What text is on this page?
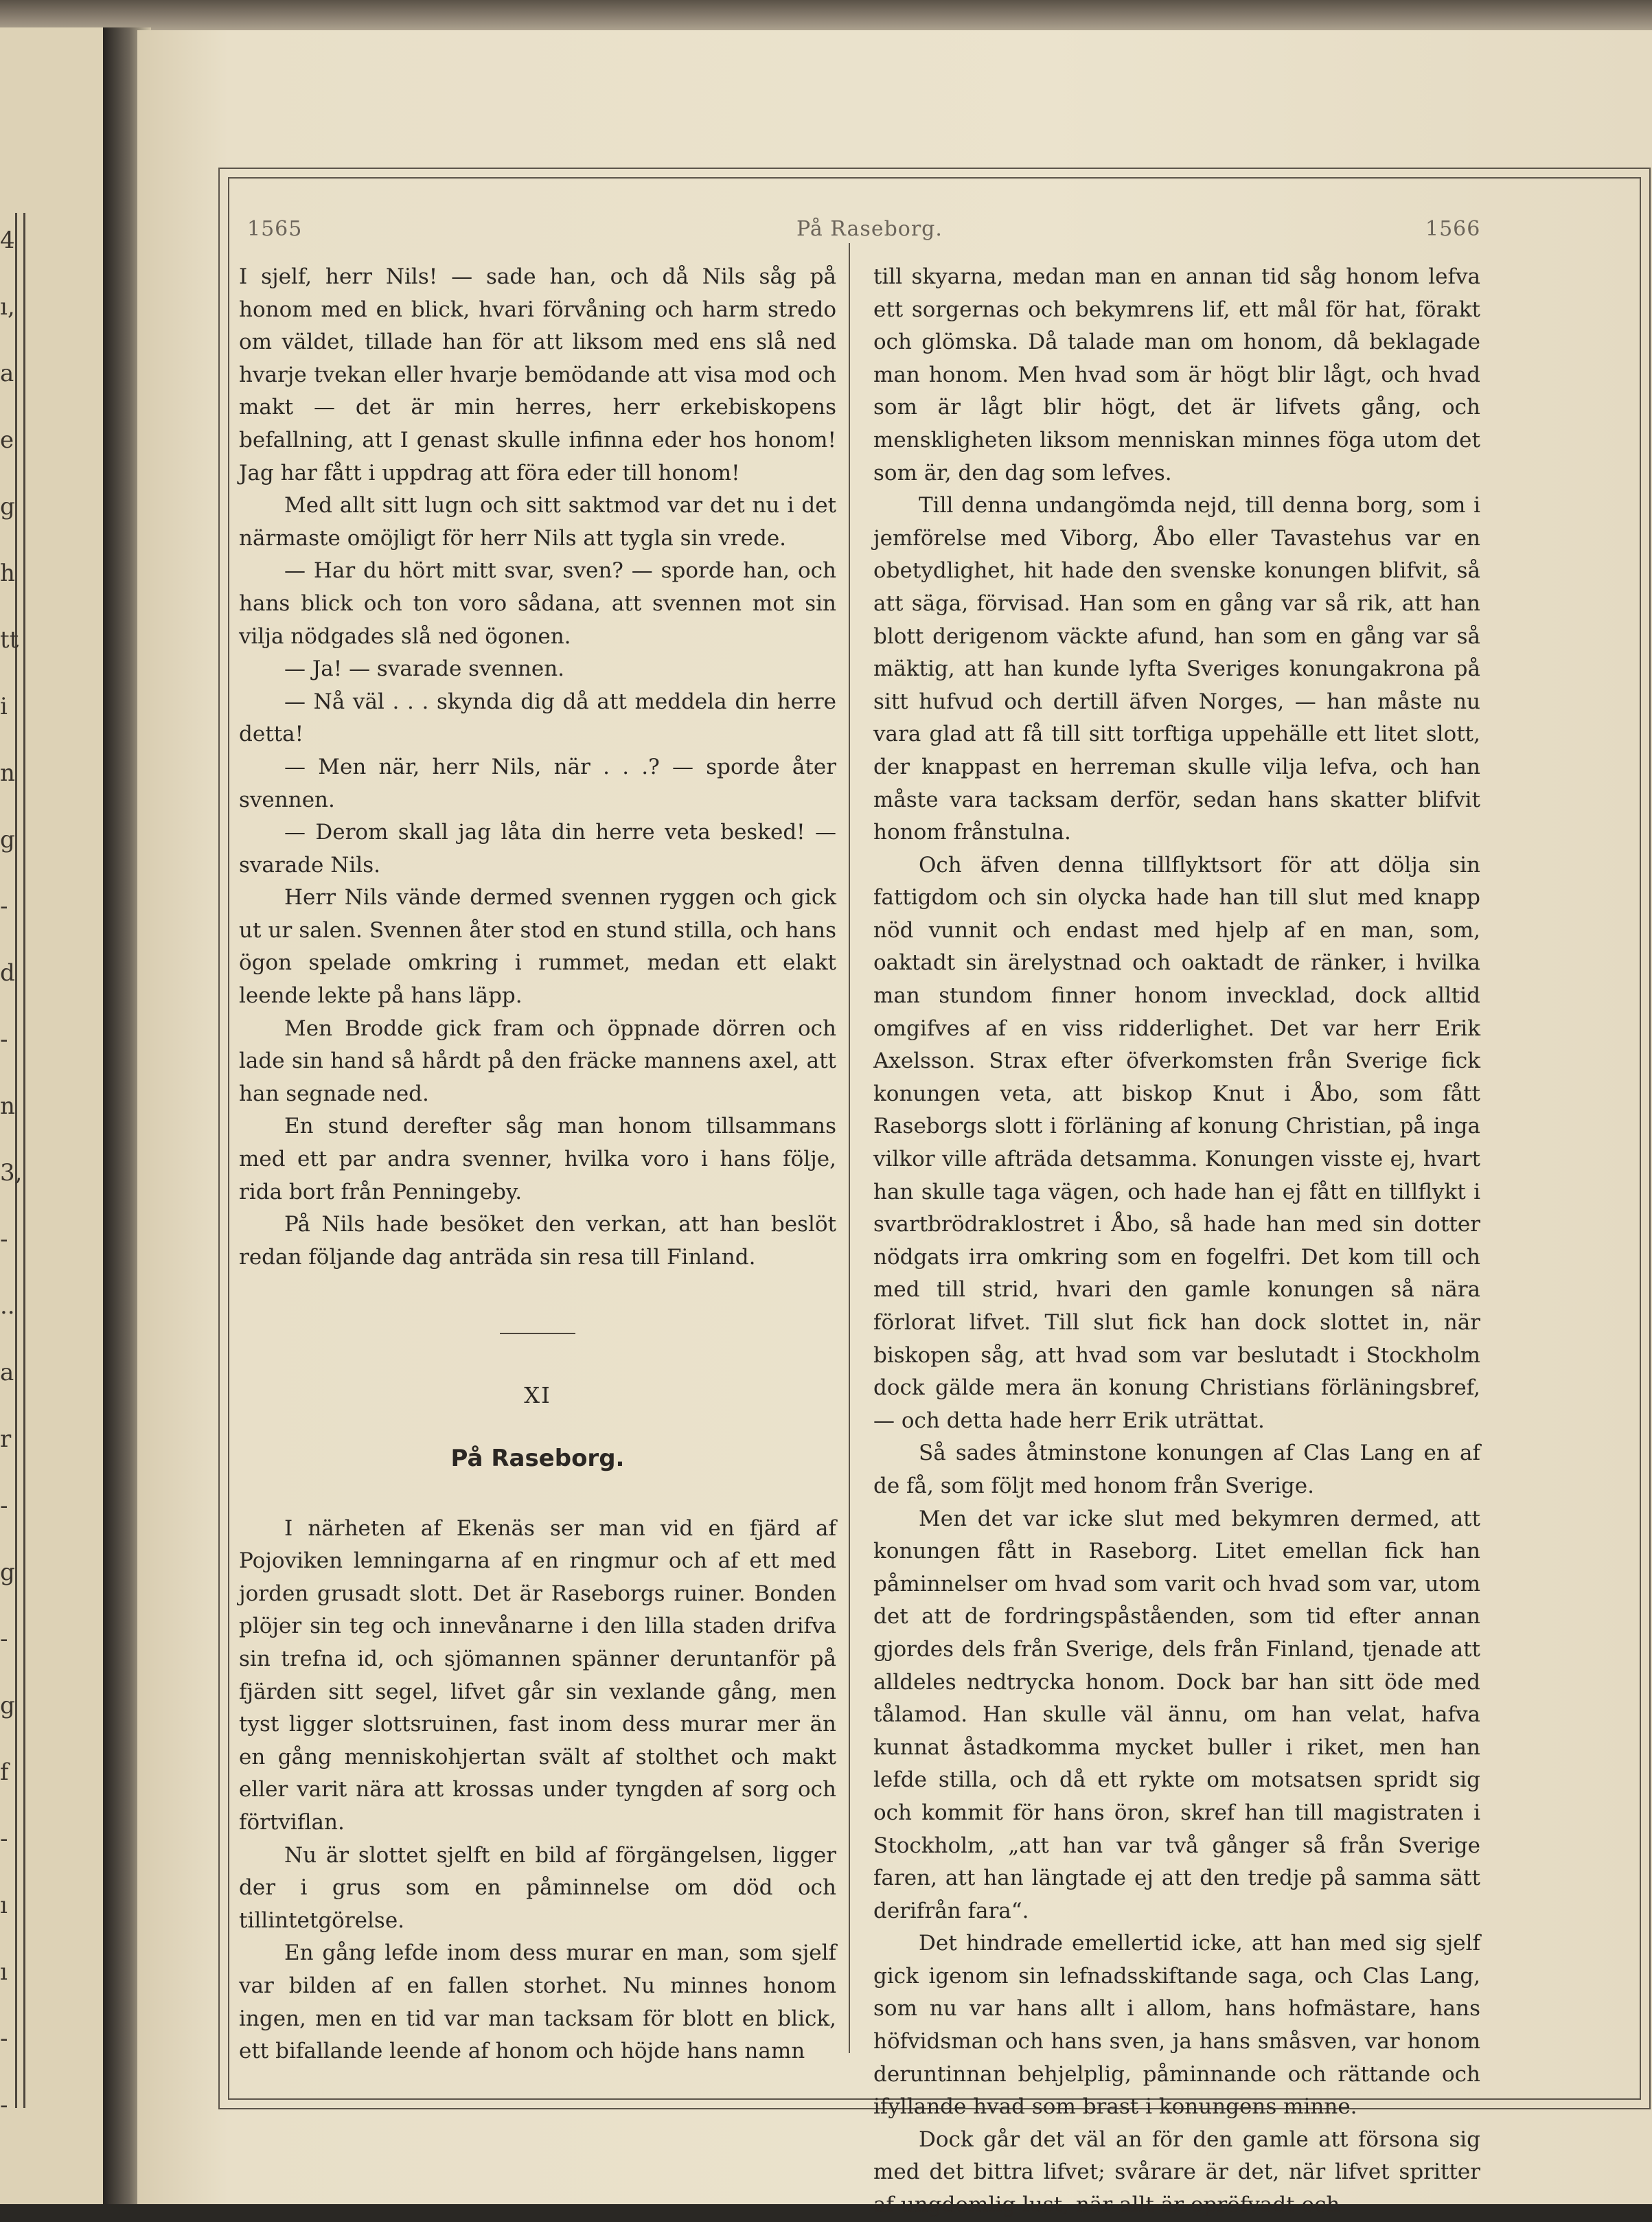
4
ı,
a
e
g
h
tt
i
n
g
-
d
-
n
3,
-
..
a
r
-
g
-
g
f
-
ı
ı
-
-
1565	På Raseborg.	1566

I sjelf, herr Nils! — sade han, och då Nils såg på honom med en blick, hvari förvåning och harm stredo om väldet, tillade han för att liksom med ens slå ned hvarje tvekan eller hvarje bemödande att visa mod och makt — det är min herres, herr erkebiskopens befallning, att I genast skulle infinna eder hos honom! Jag har fått i uppdrag att föra eder till honom!

Med allt sitt lugn och sitt saktmod var det nu i det närmaste omöjligt för herr Nils att tygla sin vrede.

— Har du hört mitt svar, sven? — sporde han, och hans blick och ton voro sådana, att svennen mot sin vilja nödgades slå ned ögonen.

— Ja! — svarade svennen.

— Nå väl . . . skynda dig då att meddela din herre detta!

— Men när, herr Nils, när . . .? — sporde åter svennen.

— Derom skall jag låta din herre veta besked! — svarade Nils.

Herr Nils vände dermed svennen ryggen och gick ut ur salen. Svennen åter stod en stund stilla, och hans ögon spelade omkring i rummet, medan ett elakt leende lekte på hans läpp.

Men Brodde gick fram och öppnade dörren och lade sin hand så hårdt på den fräcke mannens axel, att han segnade ned.

En stund derefter såg man honom tillsammans med ett par andra svenner, hvilka voro i hans följe, rida bort från Penningeby.

På Nils hade besöket den verkan, att han beslöt redan följande dag anträda sin resa till Finland.

XI

På Raseborg.

I närheten af Ekenäs ser man vid en fjärd af Pojoviken lemningarna af en ringmur och af ett med jorden grusadt slott. Det är Raseborgs ruiner. Bonden plöjer sin teg och innevånarne i den lilla staden drifva sin trefna id, och sjömannen spänner deruntanför på fjärden sitt segel, lifvet går sin vexlande gång, men tyst ligger slottsruinen, fast inom dess murar mer än en gång menniskohjertan svält af stolthet och makt eller varit nära att krossas under tyngden af sorg och förtviflan.

Nu är slottet sjelft en bild af förgängelsen, ligger der i grus som en påminnelse om död och tillintetgörelse.

En gång lefde inom dess murar en man, som sjelf var bilden af en fallen storhet. Nu minnes honom ingen, men en tid var man tacksam för blott en blick, ett bifallande leende af honom och höjde hans namn

till skyarna, medan man en annan tid såg honom lefva ett sorgernas och bekymrens lif, ett mål för hat, förakt och glömska. Då talade man om honom, då beklagade man honom. Men hvad som är högt blir lågt, och hvad som är lågt blir högt, det är lifvets gång, och menskligheten liksom menniskan minnes föga utom det som är, den dag som lefves.

Till denna undangömda nejd, till denna borg, som i jemförelse med Viborg, Åbo eller Tavastehus var en obetydlighet, hit hade den svenske konungen blifvit, så att säga, förvisad. Han som en gång var så rik, att han blott derigenom väckte afund, han som en gång var så mäktig, att han kunde lyfta Sveriges konungakrona på sitt hufvud och dertill äfven Norges, — han måste nu vara glad att få till sitt torftiga uppehälle ett litet slott, der knappast en herreman skulle vilja lefva, och han måste vara tacksam derför, sedan hans skatter blifvit honom frånstulna.

Och äfven denna tillflyktsort för att dölja sin fattigdom och sin olycka hade han till slut med knapp nöd vunnit och endast med hjelp af en man, som, oaktadt sin ärelystnad och oaktadt de ränker, i hvilka man stundom finner honom invecklad, dock alltid omgifves af en viss ridderlighet. Det var herr Erik Axelsson. Strax efter öfverkomsten från Sverige fick konungen veta, att biskop Knut i Åbo, som fått Raseborgs slott i förläning af konung Christian, på inga vilkor ville afträda detsamma. Konungen visste ej, hvart han skulle taga vägen, och hade han ej fått en tillflykt i svartbrödraklostret i Åbo, så hade han med sin dotter nödgats irra omkring som en fogelfri. Det kom till och med till strid, hvari den gamle konungen så nära förlorat lifvet. Till slut fick han dock slottet in, när biskopen såg, att hvad som var beslutadt i Stockholm dock gälde mera än konung Christians förläningsbref, — och detta hade herr Erik uträttat.

Så sades åtminstone konungen af Clas Lang en af de få, som följt med honom från Sverige.

Men det var icke slut med bekymren dermed, att konungen fått in Raseborg. Litet emellan fick han påminnelser om hvad som varit och hvad som var, utom det att de fordringspåståenden, som tid efter annan gjordes dels från Sverige, dels från Finland, tjenade att alldeles nedtrycka honom. Dock bar han sitt öde med tålamod. Han skulle väl ännu, om han velat, hafva kunnat åstadkomma mycket buller i riket, men han lefde stilla, och då ett rykte om motsatsen spridt sig och kommit för hans öron, skref han till magistraten i Stockholm, „att han var två gånger så från Sverige faren, att han längtade ej att den tredje på samma sätt derifrån fara“.

Det hindrade emellertid icke, att han med sig sjelf gick igenom sin lefnadsskiftande saga, och Clas Lang, som nu var hans allt i allom, hans hofmästare, hans höfvidsman och hans sven, ja hans småsven, var honom deruntinnan behjelplig, påminnande och rättande och ifyllande hvad som brast i konungens minne.

Dock går det väl an för den gamle att försona sig med det bittra lifvet; svårare är det, när lifvet spritter af ungdomlig lust, när allt är opröfvadt och
